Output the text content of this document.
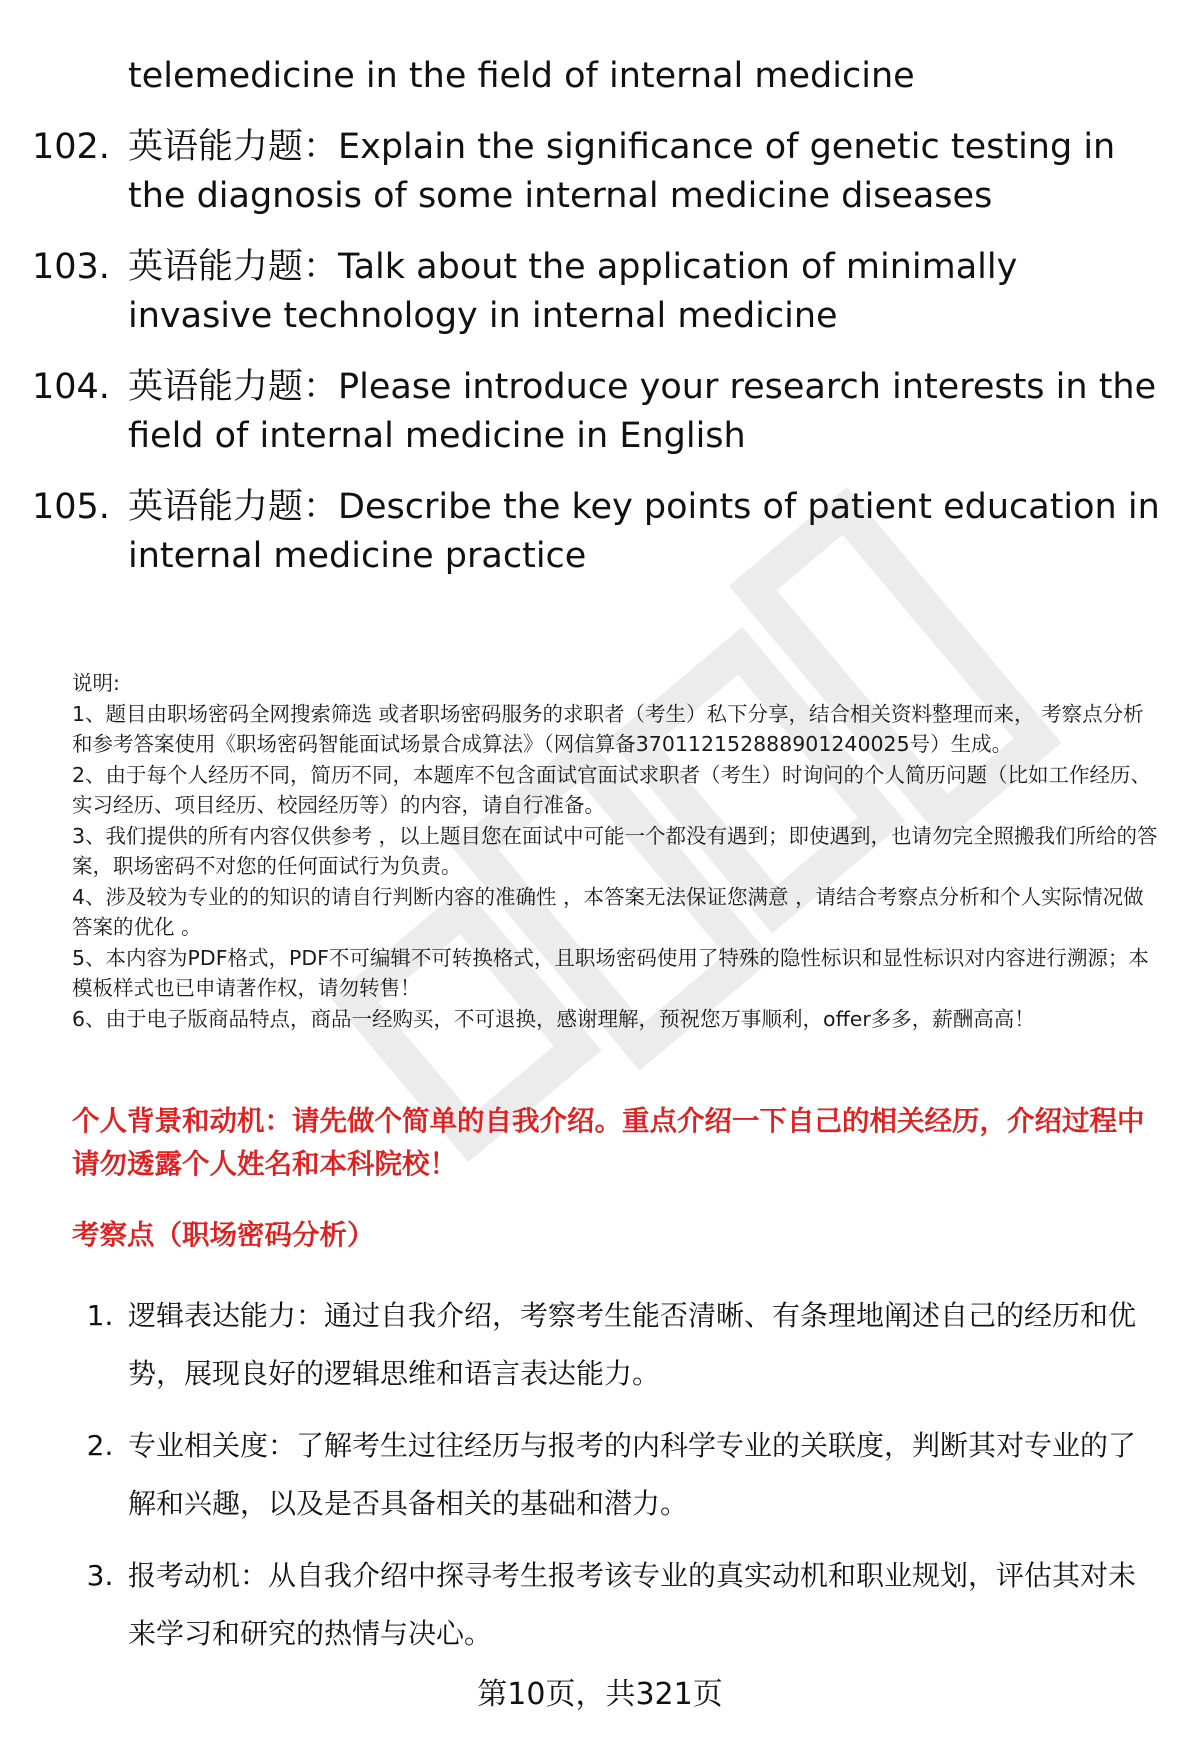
telemedicine in the field of internal medicine
102. 英语能力题：Explain the significance of genetic testing in the diagnosis of some internal medicine diseases
103. 英语能力题：Talk about the application of minimally invasive technology in internal medicine
104. 英语能力题：Please introduce your research interests in the field of internal medicine in English
105. 英语能力题：Describe the key points of patient education in internal medicine practice

说明:

1、题目由职场密码全网搜索筛选 或者职场密码服务的求职者（考生）私下分享，结合相关资料整理而来， 考察点分析和参考答案使用《职场密码智能面试场景合成算法》（网信算备370112152888901240025号）生成。

2、由于每个人经历不同，简历不同，本题库不包含面试官面试求职者（考生）时询问的个人简历问题（比如工作经历、实习经历、项目经历、校园经历等）的内容，请自行准备。

3、我们提供的所有内容仅供参考 ，以上题目您在面试中可能一个都没有遇到；即使遇到，也请勿完全照搬我们所给的答案，职场密码不对您的任何面试行为负责。

4、涉及较为专业的的知识的请自行判断内容的准确性 ，本答案无法保证您满意 ，请结合考察点分析和个人实际情况做答案的优化 。

5、本内容为PDF格式，PDF不可编辑不可转换格式，且职场密码使用了特殊的隐性标识和显性标识对内容进行溯源；本模板样式也已申请著作权，请勿转售！

6、由于电子版商品特点，商品一经购买，不可退换，感谢理解，预祝您万事顺利，offer多多，薪酬高高！

个人背景和动机：请先做个简单的自我介绍。重点介绍一下自己的相关经历，介绍过程中请勿透露个人姓名和本科院校！
考察点（职场密码分析）
1. 逻辑表达能力：通过自我介绍，考察考生能否清晰、有条理地阐述自己的经历和优势，展现良好的逻辑思维和语言表达能力。
2. 专业相关度：了解考生过往经历与报考的内科学专业的关联度，判断其对专业的了解和兴趣，以及是否具备相关的基础和潜力。
3. 报考动机：从自我介绍中探寻考生报考该专业的真实动机和职业规划，评估其对未来学习和研究的热情与决心。
第10页，共321页
